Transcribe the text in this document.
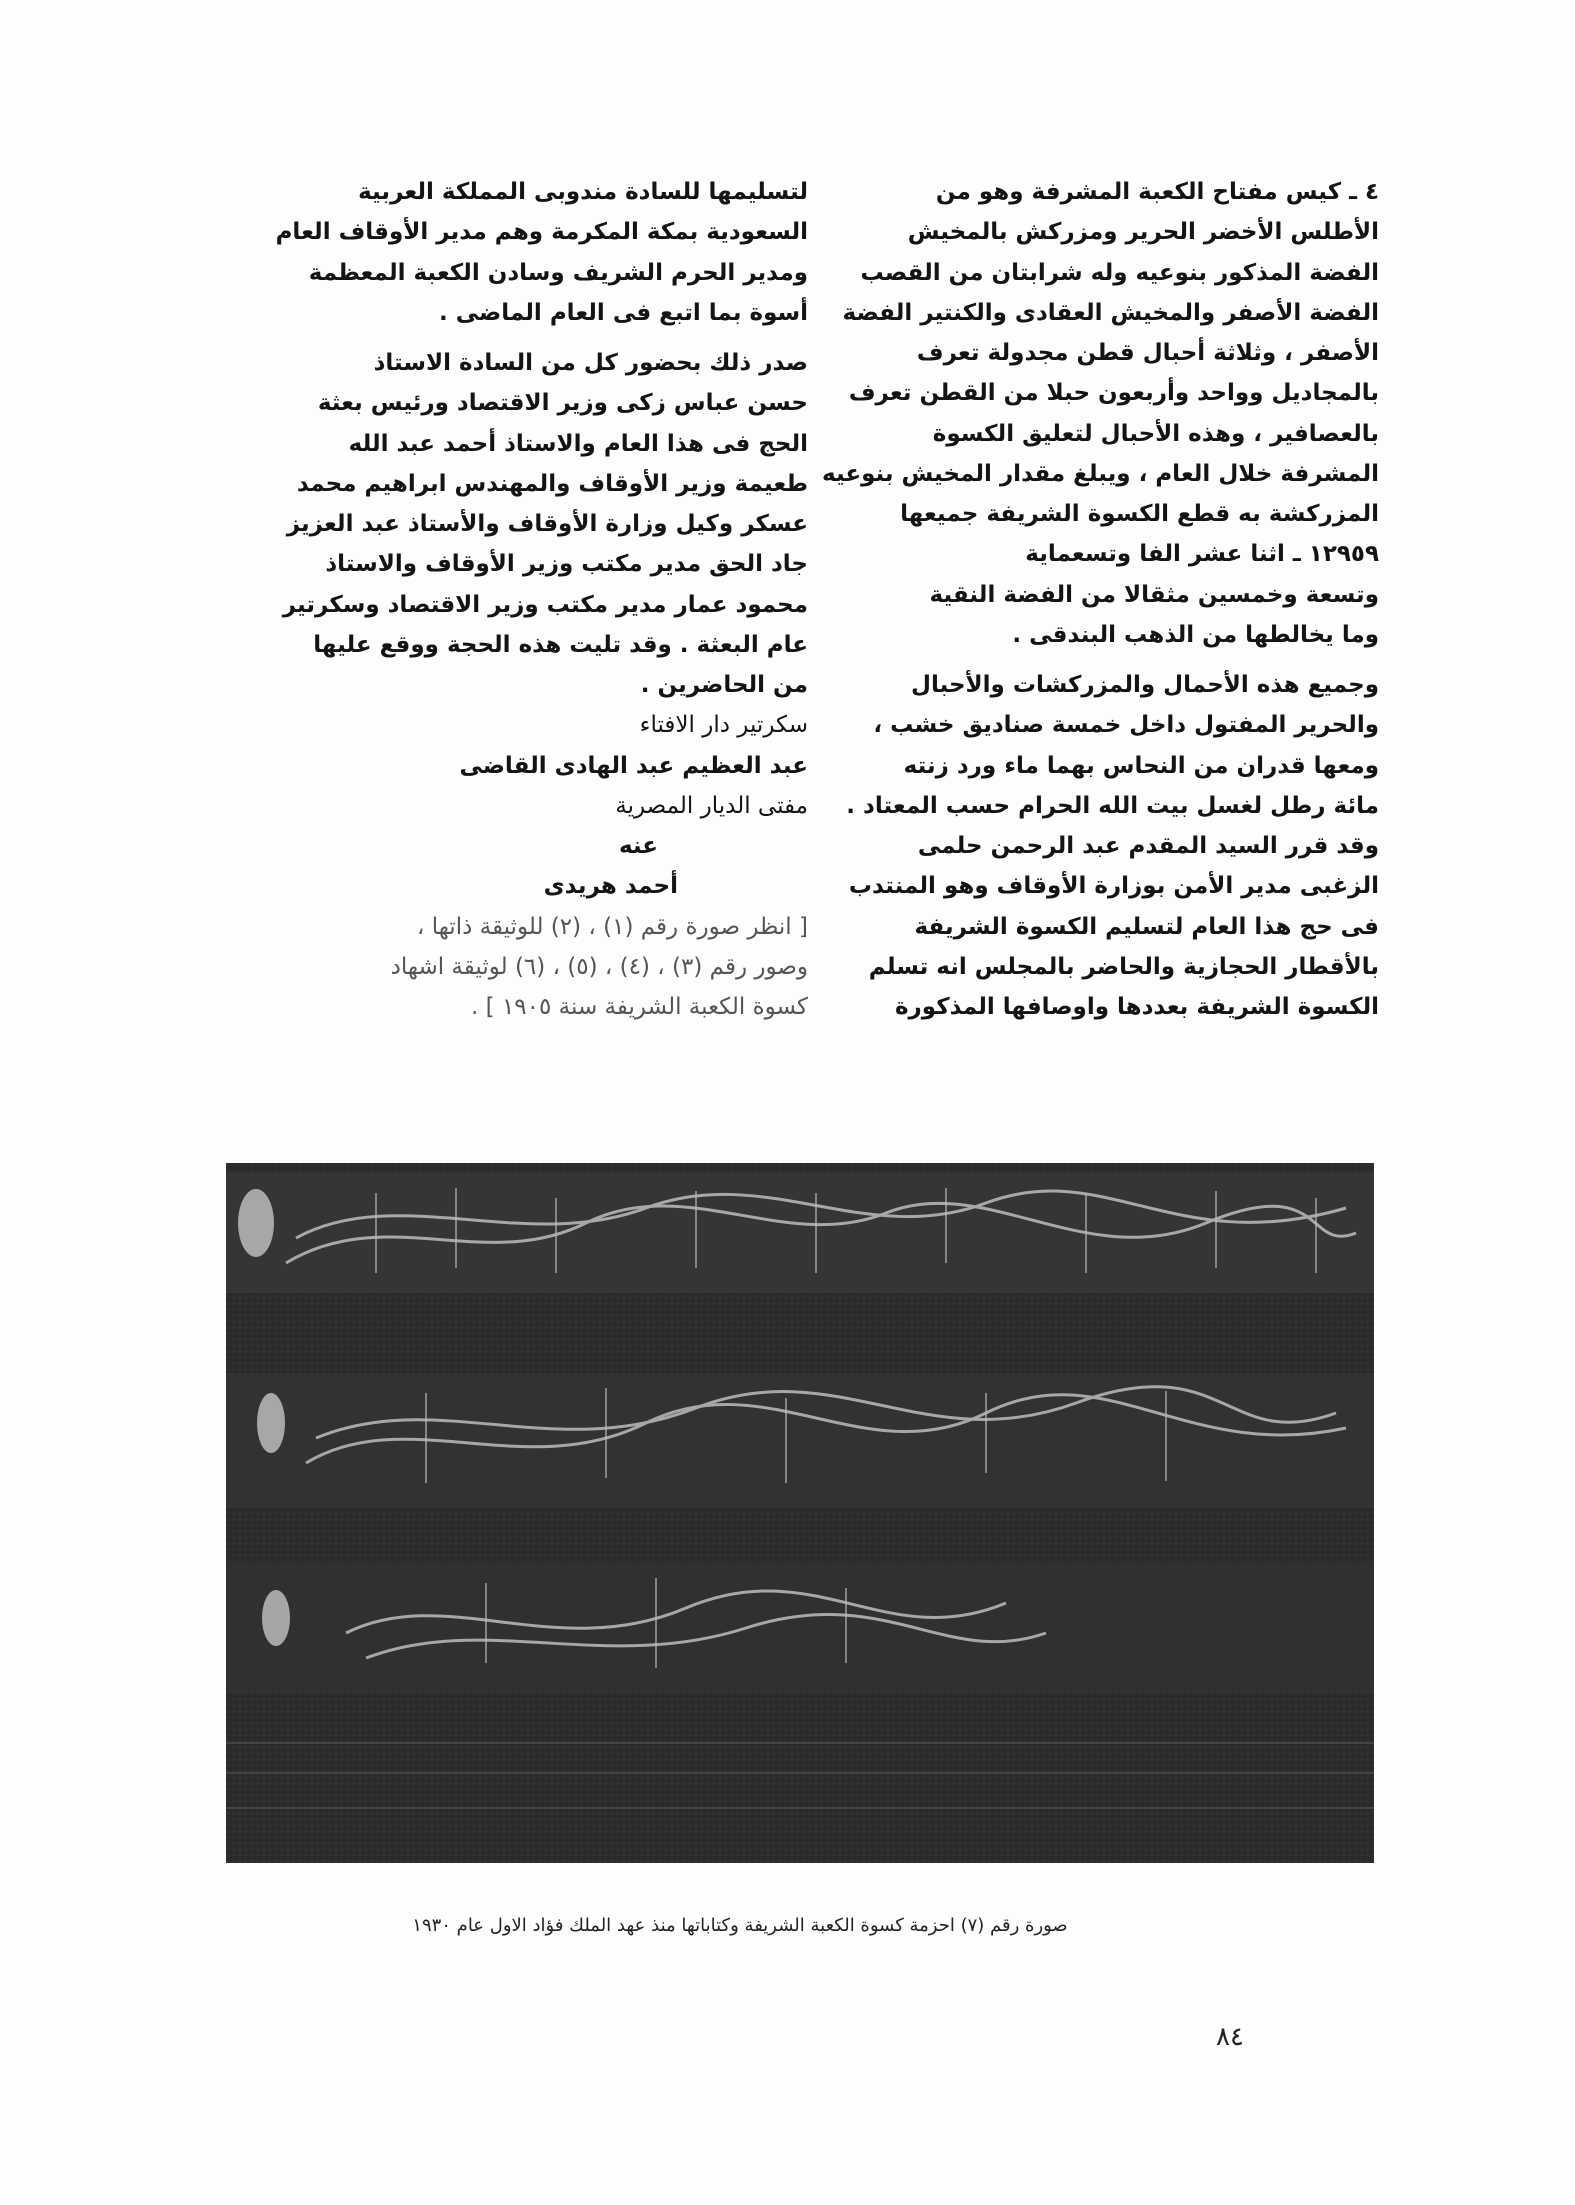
٤ ـ كيس مفتاح الكعبة المشرفة وهو من

الأطلس الأخضر الحرير ومزركش بالمخيش

الفضة المذكور بنوعيه وله شرابتان من القصب

الفضة الأصفر والمخيش العقادى والكنتير الفضة

الأصفر ، وثلاثة أحبال قطن مجدولة تعرف

بالمجاديل وواحد وأربعون حبلا من القطن تعرف

بالعصافير ، وهذه الأحبال لتعليق الكسوة

المشرفة خلال العام ، ويبلغ مقدار المخيش بنوعيه

المزركشة به قطع الكسوة الشريفة جميعها

١٢٩٥٩ ـ اثنا عشر الفا وتسعماية

وتسعة وخمسين مثقالا من الفضة النقية

وما يخالطها من الذهب البندقى .

وجميع هذه الأحمال والمزركشات والأحبال

والحرير المفتول داخل خمسة صناديق خشب ،

ومعها قدران من النحاس بهما ماء ورد زنته

مائة رطل لغسل بيت الله الحرام حسب المعتاد .

وقد قرر السيد المقدم عبد الرحمن حلمى

الزغبى مدير الأمن بوزارة الأوقاف وهو المنتدب

فى حج هذا العام لتسليم الكسوة الشريفة

بالأقطار الحجازية والحاضر بالمجلس انه تسلم

الكسوة الشريفة بعددها واوصافها المذكورة

لتسليمها للسادة مندوبى المملكة العربية

السعودية بمكة المكرمة وهم مدير الأوقاف العام

ومدير الحرم الشريف وسادن الكعبة المعظمة

أسوة بما اتبع فى العام الماضى .

صدر ذلك بحضور كل من السادة الاستاذ

حسن عباس زكى وزير الاقتصاد ورئيس بعثة

الحج فى هذا العام والاستاذ أحمد عبد الله

طعيمة وزير الأوقاف والمهندس ابراهيم محمد

عسكر وكيل وزارة الأوقاف والأستاذ عبد العزيز

جاد الحق مدير مكتب وزير الأوقاف والاستاذ

محمود عمار مدير مكتب وزير الاقتصاد وسكرتير

عام البعثة . وقد تليت هذه الحجة ووقع عليها

من الحاضرين .

سكرتير دار الافتاء

عبد العظيم عبد الهادى القاضى

مفتى الديار المصرية

عنه

أحمد هريدى

[ انظر صورة رقم (١) ، (٢) للوثيقة ذاتها ،

وصور رقم (٣) ، (٤) ، (٥) ، (٦) لوثيقة اشهاد

كسوة الكعبة الشريفة سنة ١٩٠٥ ] .

صورة رقم (٧) احزمة كسوة الكعبة الشريفة وكتاباتها منذ عهد الملك فؤاد الاول عام ١٩٣٠
٨٤
